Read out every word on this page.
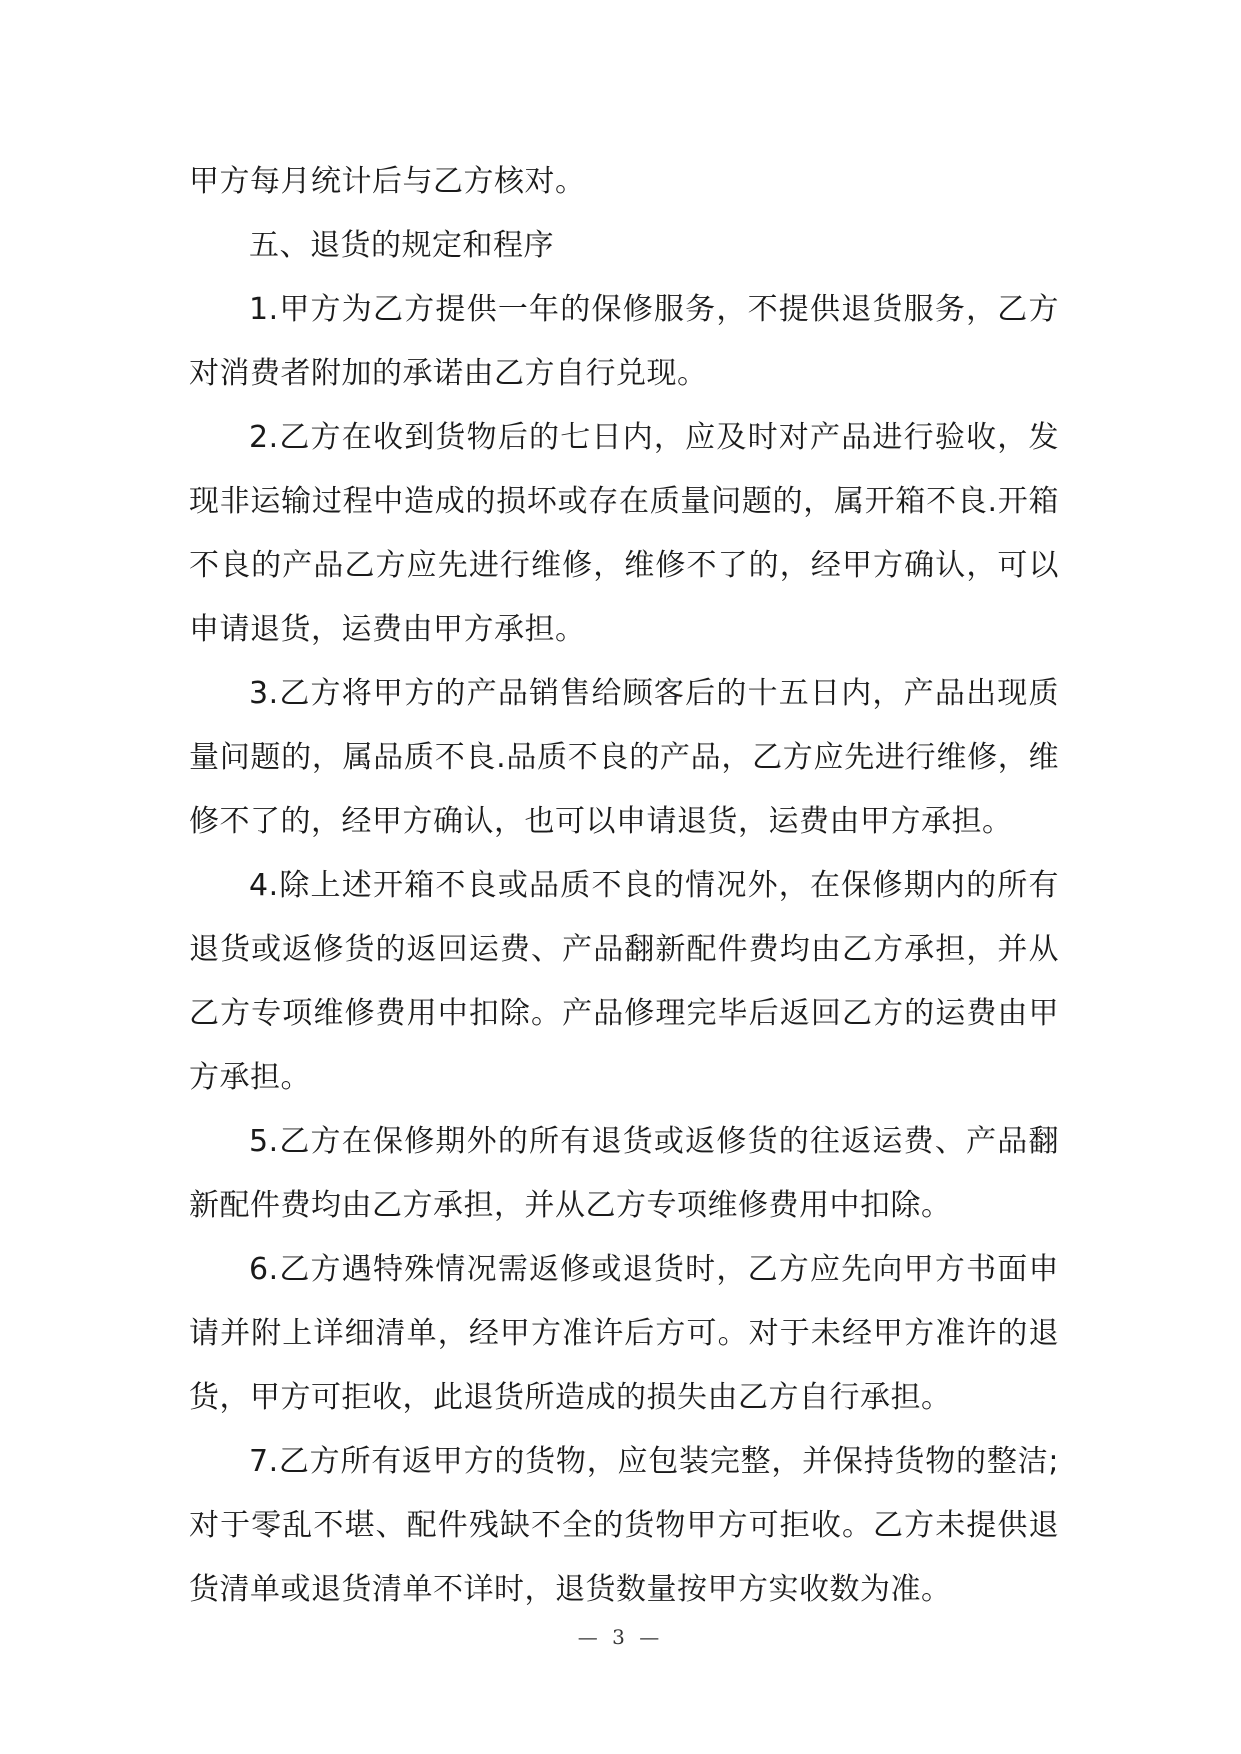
甲方每月统计后与乙方核对。

五、退货的规定和程序

1.甲方为乙方提供一年的保修服务，不提供退货服务，乙方对消费者附加的承诺由乙方自行兑现。

2.乙方在收到货物后的七日内，应及时对产品进行验收，发现非运输过程中造成的损坏或存在质量问题的，属开箱不良.开箱不良的产品乙方应先进行维修，维修不了的，经甲方确认，可以申请退货，运费由甲方承担。

3.乙方将甲方的产品销售给顾客后的十五日内，产品出现质量问题的，属品质不良.品质不良的产品，乙方应先进行维修，维修不了的，经甲方确认，也可以申请退货，运费由甲方承担。

4.除上述开箱不良或品质不良的情况外，在保修期内的所有退货或返修货的返回运费、产品翻新配件费均由乙方承担，并从乙方专项维修费用中扣除。产品修理完毕后返回乙方的运费由甲方承担。

5.乙方在保修期外的所有退货或返修货的往返运费、产品翻新配件费均由乙方承担，并从乙方专项维修费用中扣除。

6.乙方遇特殊情况需返修或退货时，乙方应先向甲方书面申请并附上详细清单，经甲方准许后方可。对于未经甲方准许的退货，甲方可拒收，此退货所造成的损失由乙方自行承担。

7.乙方所有返甲方的货物，应包装完整，并保持货物的整洁;对于零乱不堪、配件残缺不全的货物甲方可拒收。乙方未提供退货清单或退货清单不详时，退货数量按甲方实收数为准。

— 3 —
